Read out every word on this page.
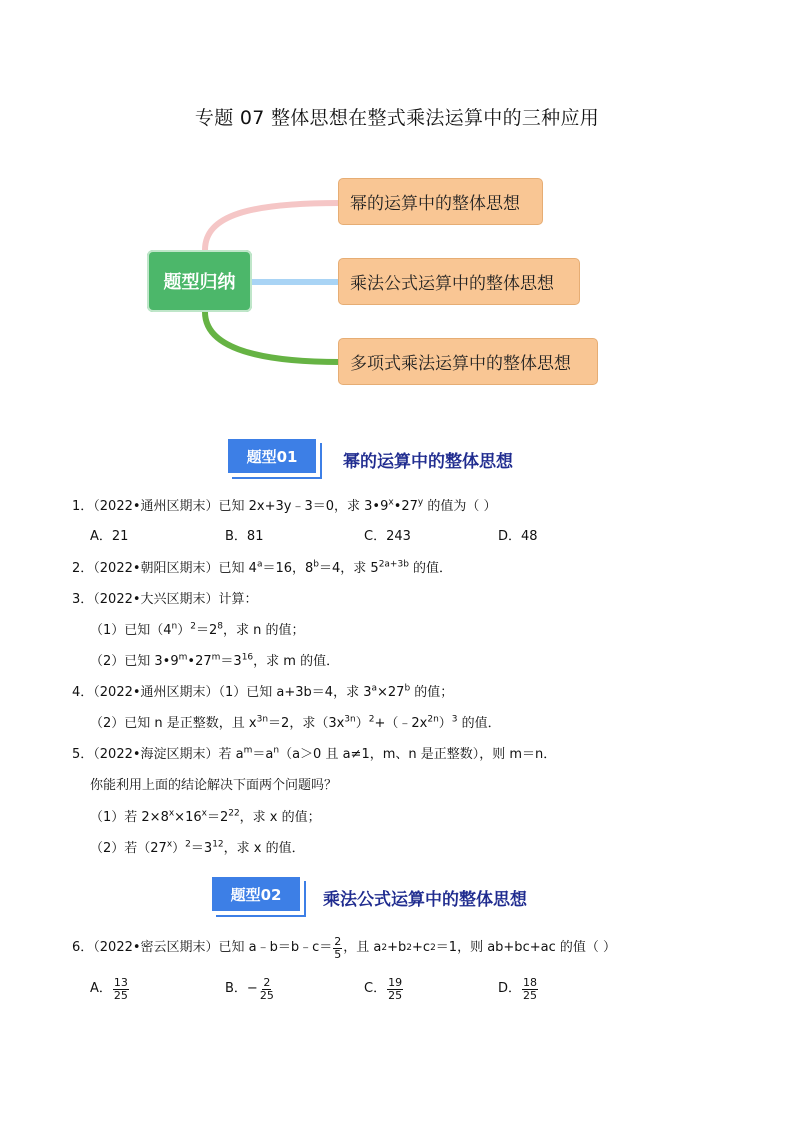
专题 07 整体思想在整式乘法运算中的三种应用
题型归纳
幂的运算中的整体思想
乘法公式运算中的整体思想
多项式乘法运算中的整体思想
题型01	幂的运算中的整体思想
1．（2022•通州区期末）已知 2x+3y﹣3＝0，求 3•9$^x$•27$^y$ 的值为（ ）
A．21	B．81	C．243	D．48
2．（2022•朝阳区期末）已知 $4^a=16$，$8^b=4$，求 $5^{2a+3b}$ 的值．
3．（2022•大兴区期末）计算：
（1）已知$(4^n)^2=2^8$，求 n 的值；
（2）已知 $3•9^m•27^m=3^{16}$，求 m 的值．
4．（2022•通州区期末）（1）已知 a+3b＝4，求 $3^a\times 27^b$ 的值；
（2）已知 n 是正整数，且 $x^{3n}=2$，求$(3x^{3n})^2+(﹣2x^{2n})^3$ 的值．
5．（2022•海淀区期末）若 $a^m=a^n(a>0$ 且 a≠1，m、n 是正整数），则 m＝n．
你能利用上面的结论解决下面两个问题吗？
（1）若 $2\times 8^x\times 16^x=2^{22}$，求 x 的值；
（2）若$(27^x)^2=3^{12}$，求 x 的值．
题型02	乘法公式运算中的整体思想
6．（2022•密云区期末）已知 a﹣b＝b﹣c＝ $\frac{2}{5}$ ，且 a 2 +b 2 +c 2 ＝1，则 ab+bc+ac 的值（ ）
A． $\frac{13}{25}$	B． − $\frac{2}{25}$	C． $\frac{19}{25}$	D． $\frac{18}{25}$
